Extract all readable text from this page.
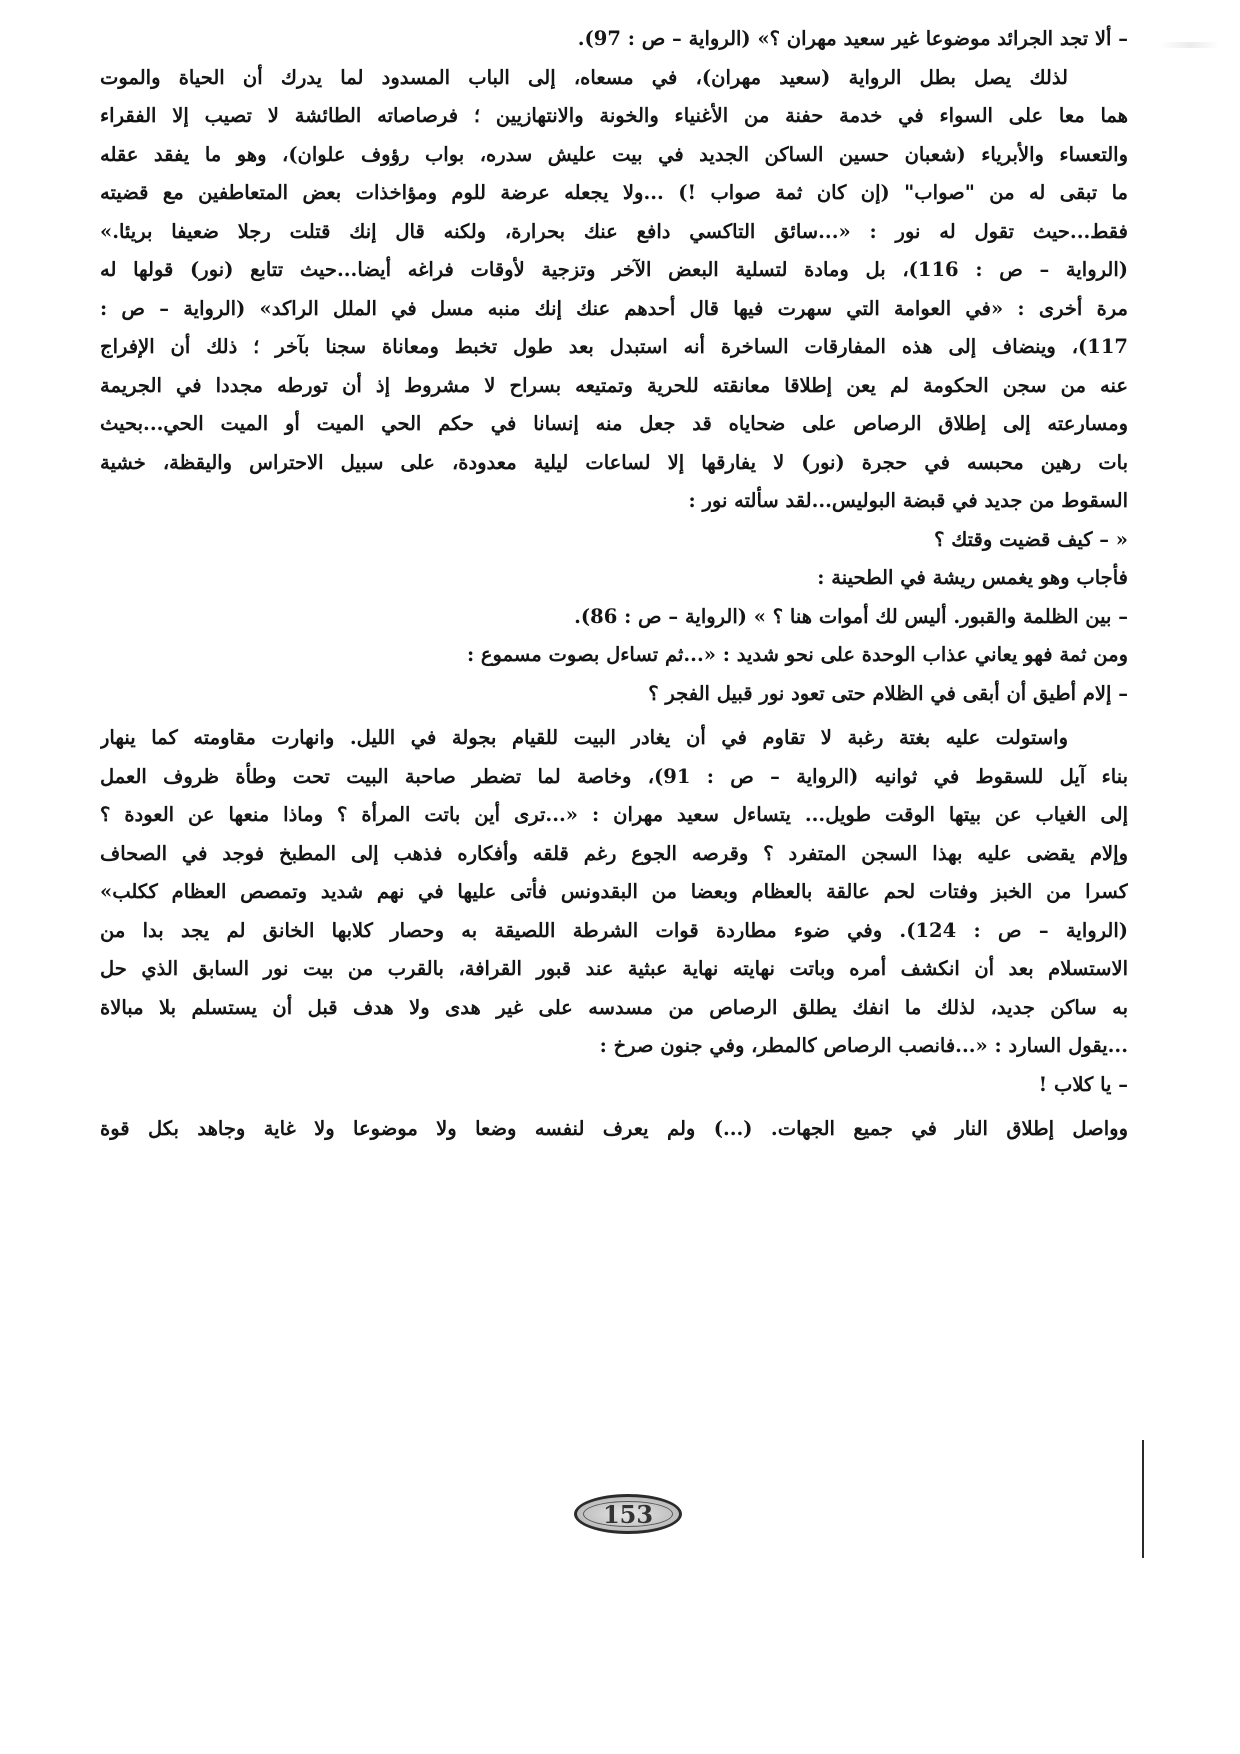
– ألا تجد الجرائد موضوعا غير سعيد مهران ؟» (الرواية – ص : 97).
لذلك يصل بطل الرواية (سعيد مهران)، في مسعاه، إلى الباب المسدود لما يدرك أن الحياة والموت
هما معا على السواء في خدمة حفنة من الأغنياء والخونة والانتهازيين ؛ فرصاصاته الطائشة لا تصيب إلا الفقراء
والتعساء والأبرياء (شعبان حسين الساكن الجديد في بيت عليش سدره، بواب رؤوف علوان)، وهو ما يفقد عقله
ما تبقى له من "صواب" (إن كان ثمة صواب !) ...ولا يجعله عرضة للوم ومؤاخذات بعض المتعاطفين مع قضيته
فقط...حيث تقول له نور : «...سائق التاكسي دافع عنك بحرارة، ولكنه قال إنك قتلت رجلا ضعيفا بريئا.»
(الرواية – ص : 116)، بل ومادة لتسلية البعض الآخر وتزجية لأوقات فراغه أيضا...حيث تتابع (نور) قولها له
مرة أخرى : «في العوامة التي سهرت فيها قال أحدهم عنك إنك منبه مسل في الملل الراكد» (الرواية – ص :
117)، وينضاف إلى هذه المفارقات الساخرة أنه استبدل بعد طول تخبط ومعاناة سجنا بآخر ؛ ذلك أن الإفراج
عنه من سجن الحكومة لم يعن إطلاقا معانقته للحرية وتمتيعه بسراح لا مشروط إذ أن تورطه مجددا في الجريمة
ومسارعته إلى إطلاق الرصاص على ضحاياه قد جعل منه إنسانا في حكم الحي الميت أو الميت الحي...بحيث
بات رهين محبسه في حجرة (نور) لا يفارقها إلا لساعات ليلية معدودة، على سبيل الاحتراس واليقظة، خشية
السقوط من جديد في قبضة البوليس...لقد سألته نور :
« – كيف قضيت وقتك ؟
فأجاب وهو يغمس ريشة في الطحينة :
– بين الظلمة والقبور. أليس لك أموات هنا ؟ » (الرواية – ص : 86).
ومن ثمة فهو يعاني عذاب الوحدة على نحو شديد : «...ثم تساءل بصوت مسموع :
– إلام أطيق أن أبقى في الظلام حتى تعود نور قبيل الفجر ؟
واستولت عليه بغتة رغبة لا تقاوم في أن يغادر البيت للقيام بجولة في الليل. وانهارت مقاومته كما ينهار
بناء آيل للسقوط في ثوانيه (الرواية – ص : 91)، وخاصة لما تضطر صاحبة البيت تحت وطأة ظروف العمل
إلى الغياب عن بيتها الوقت طويل... يتساءل سعيد مهران : «...ترى أين باتت المرأة ؟ وماذا منعها عن العودة ؟
وإلام يقضى عليه بهذا السجن المتفرد ؟ وقرصه الجوع رغم قلقه وأفكاره فذهب إلى المطبخ فوجد في الصحاف
كسرا من الخبز وفتات لحم عالقة بالعظام وبعضا من البقدونس فأتى عليها في نهم شديد وتمصص العظام ككلب»
(الرواية – ص : 124). وفي ضوء مطاردة قوات الشرطة اللصيقة به وحصار كلابها الخانق لم يجد بدا من
الاستسلام بعد أن انكشف أمره وباتت نهايته نهاية عبثية عند قبور القرافة، بالقرب من بيت نور السابق الذي حل
به ساكن جديد، لذلك ما انفك يطلق الرصاص من مسدسه على غير هدى ولا هدف قبل أن يستسلم بلا مبالاة
...يقول السارد : «...فانصب الرصاص كالمطر، وفي جنون صرخ :
– يا كلاب !
وواصل إطلاق النار في جميع الجهات. (...) ولم يعرف لنفسه وضعا ولا موضوعا ولا غاية وجاهد بكل قوة
153
